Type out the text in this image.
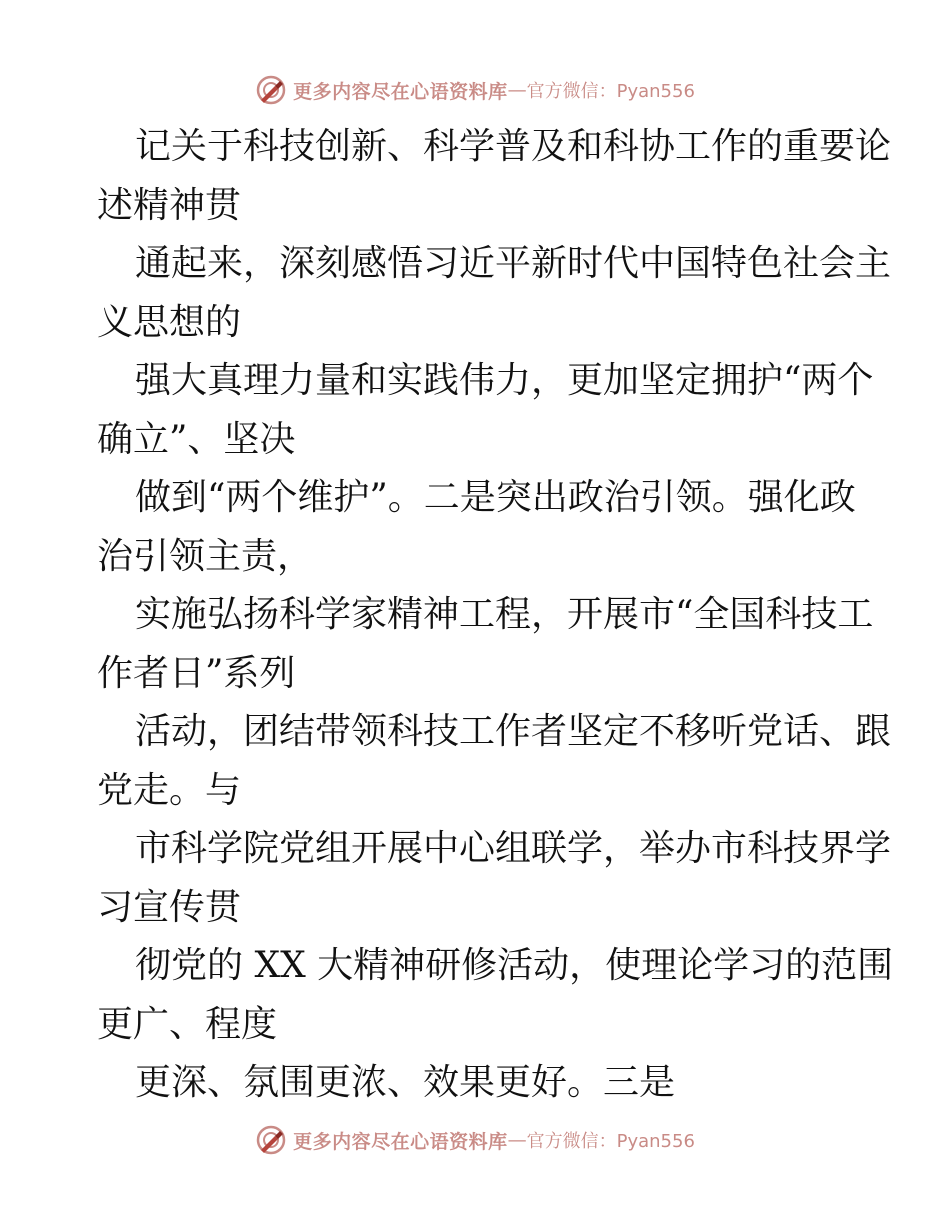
更多内容尽在心语资料库 — 官方微信：Pyan556
记关于科技创新、科学普及和科协工作的重要论
述精神贯
通起来，深刻感悟习近平新时代中国特色社会主
义思想的
强大真理力量和实践伟力，更加坚定拥护“两个
确立”、坚决
做到“两个维护”。二是突出政治引领。强化政
治引领主责，
实施弘扬科学家精神工程，开展市“全国科技工
作者日”系列
活动，团结带领科技工作者坚定不移听党话、跟
党走。与
市科学院党组开展中心组联学，举办市科技界学
习宣传贯
彻党的 XX 大精神研修活动，使理论学习的范围
更广、程度
更深、氛围更浓、效果更好。三是
更多内容尽在心语资料库 — 官方微信：Pyan556
